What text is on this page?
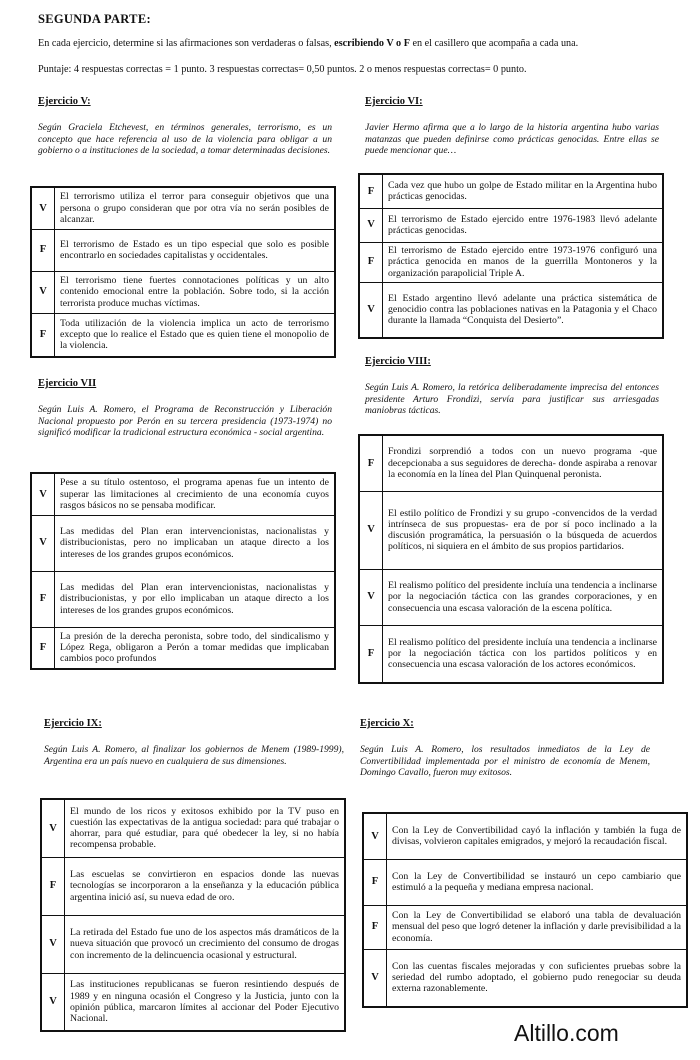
SEGUNDA PARTE:
En cada ejercicio, determine si las afirmaciones son verdaderas o falsas, escribiendo V o F en el casillero que acompaña a cada una.
Puntaje: 4 respuestas correctas = 1 punto. 3 respuestas correctas= 0,50 puntos. 2 o menos respuestas correctas= 0 punto.
Ejercicio V:
Según Graciela Etchevest, en términos generales, terrorismo, es un concepto que hace referencia al uso de la violencia para obligar a un gobierno o a instituciones de la sociedad, a tomar determinadas decisiones.
V	El terrorismo utiliza el terror para conseguir objetivos que una persona o grupo consideran que por otra vía no serán posibles de alcanzar.
F	El terrorismo de Estado es un tipo especial que solo es posible encontrarlo en sociedades capitalistas y occidentales.
V	El terrorismo tiene fuertes connotaciones políticas y un alto contenido emocional entre la población. Sobre todo, si la acción terrorista produce muchas víctimas.
F	Toda utilización de la violencia implica un acto de terrorismo excepto que lo realice el Estado que es quien tiene el monopolio de la violencia.
Ejercicio VI:
Javier Hermo afirma que a lo largo de la historia argentina hubo varias matanzas que pueden definirse como prácticas genocidas. Entre ellas se puede mencionar que…
F	Cada vez que hubo un golpe de Estado militar en la Argentina hubo prácticas genocidas.
V	El terrorismo de Estado ejercido entre 1976-1983 llevó adelante prácticas genocidas.
F	El terrorismo de Estado ejercido entre 1973-1976 configuró una práctica genocida en manos de la guerrilla Montoneros y la organización parapolicial Triple A.
V	El Estado argentino llevó adelante una práctica sistemática de genocidio contra las poblaciones nativas en la Patagonia y el Chaco durante la llamada “Conquista del Desierto”.
Ejercicio VII
Según Luis A. Romero, el Programa de Reconstrucción y Liberación Nacional propuesto por Perón en su tercera presidencia (1973-1974) no significó modificar la tradicional estructura económica - social argentina.
V	Pese a su título ostentoso, el programa apenas fue un intento de superar las limitaciones al crecimiento de una economía cuyos rasgos básicos no se pensaba modificar.
V	Las medidas del Plan eran intervencionistas, nacionalistas y distribucionistas, pero no implicaban un ataque directo a los intereses de los grandes grupos económicos.
F	Las medidas del Plan eran intervencionistas, nacionalistas y distribucionistas, y por ello implicaban un ataque directo a los intereses de los grandes grupos económicos.
F	La presión de la derecha peronista, sobre todo, del sindicalismo y López Rega, obligaron a Perón a tomar medidas que implicaban cambios poco profundos
Ejercicio VIII:
Según Luis A. Romero, la retórica deliberadamente imprecisa del entonces presidente Arturo Frondizi, servía para justificar sus arriesgadas maniobras tácticas.
F	Frondizi sorprendió a todos con un nuevo programa -que decepcionaba a sus seguidores de derecha- donde aspiraba a renovar la economía en la línea del Plan Quinquenal peronista.
V	El estilo político de Frondizi y su grupo -convencidos de la verdad intrínseca de sus propuestas- era de por sí poco inclinado a la discusión programática, la persuasión o la búsqueda de acuerdos políticos, ni siquiera en el ámbito de sus propios partidarios.
V	El realismo político del presidente incluía una tendencia a inclinarse por la negociación táctica con las grandes corporaciones, y en consecuencia una escasa valoración de la escena política.
F	El realismo político del presidente incluía una tendencia a inclinarse por la negociación táctica con los partidos políticos y en consecuencia una escasa valoración de los actores económicos.
Ejercicio IX:
Según Luis A. Romero, al finalizar los gobiernos de Menem (1989-1999), Argentina era un país nuevo en cualquiera de sus dimensiones.
V	El mundo de los ricos y exitosos exhibido por la TV puso en cuestión las expectativas de la antigua sociedad: para qué trabajar o ahorrar, para qué estudiar, para qué obedecer la ley, si no había recompensa probable.
F	Las escuelas se convirtieron en espacios donde las nuevas tecnologías se incorporaron a la enseñanza y la educación pública argentina inició así, su nueva edad de oro.
V	La retirada del Estado fue uno de los aspectos más dramáticos de la nueva situación que provocó un crecimiento del consumo de drogas con incremento de la delincuencia ocasional y estructural.
V	Las instituciones republicanas se fueron resintiendo después de 1989 y en ninguna ocasión el Congreso y la Justicia, junto con la opinión pública, marcaron límites al accionar del Poder Ejecutivo Nacional.
Ejercicio X:
Según Luis A. Romero, los resultados inmediatos de la Ley de Convertibilidad implementada por el ministro de economía de Menem, Domingo Cavallo, fueron muy exitosos.
V	Con la Ley de Convertibilidad cayó la inflación y también la fuga de divisas, volvieron capitales emigrados, y mejoró la recaudación fiscal.
F	Con la Ley de Convertibilidad se instauró un cepo cambiario que estimuló a la pequeña y mediana empresa nacional.
F	Con la Ley de Convertibilidad se elaboró una tabla de devaluación mensual del peso que logró detener la inflación y darle previsibilidad a la economía.
V	Con las cuentas fiscales mejoradas y con suficientes pruebas sobre la seriedad del rumbo adoptado, el gobierno pudo renegociar su deuda externa razonablemente.
Altillo.com
